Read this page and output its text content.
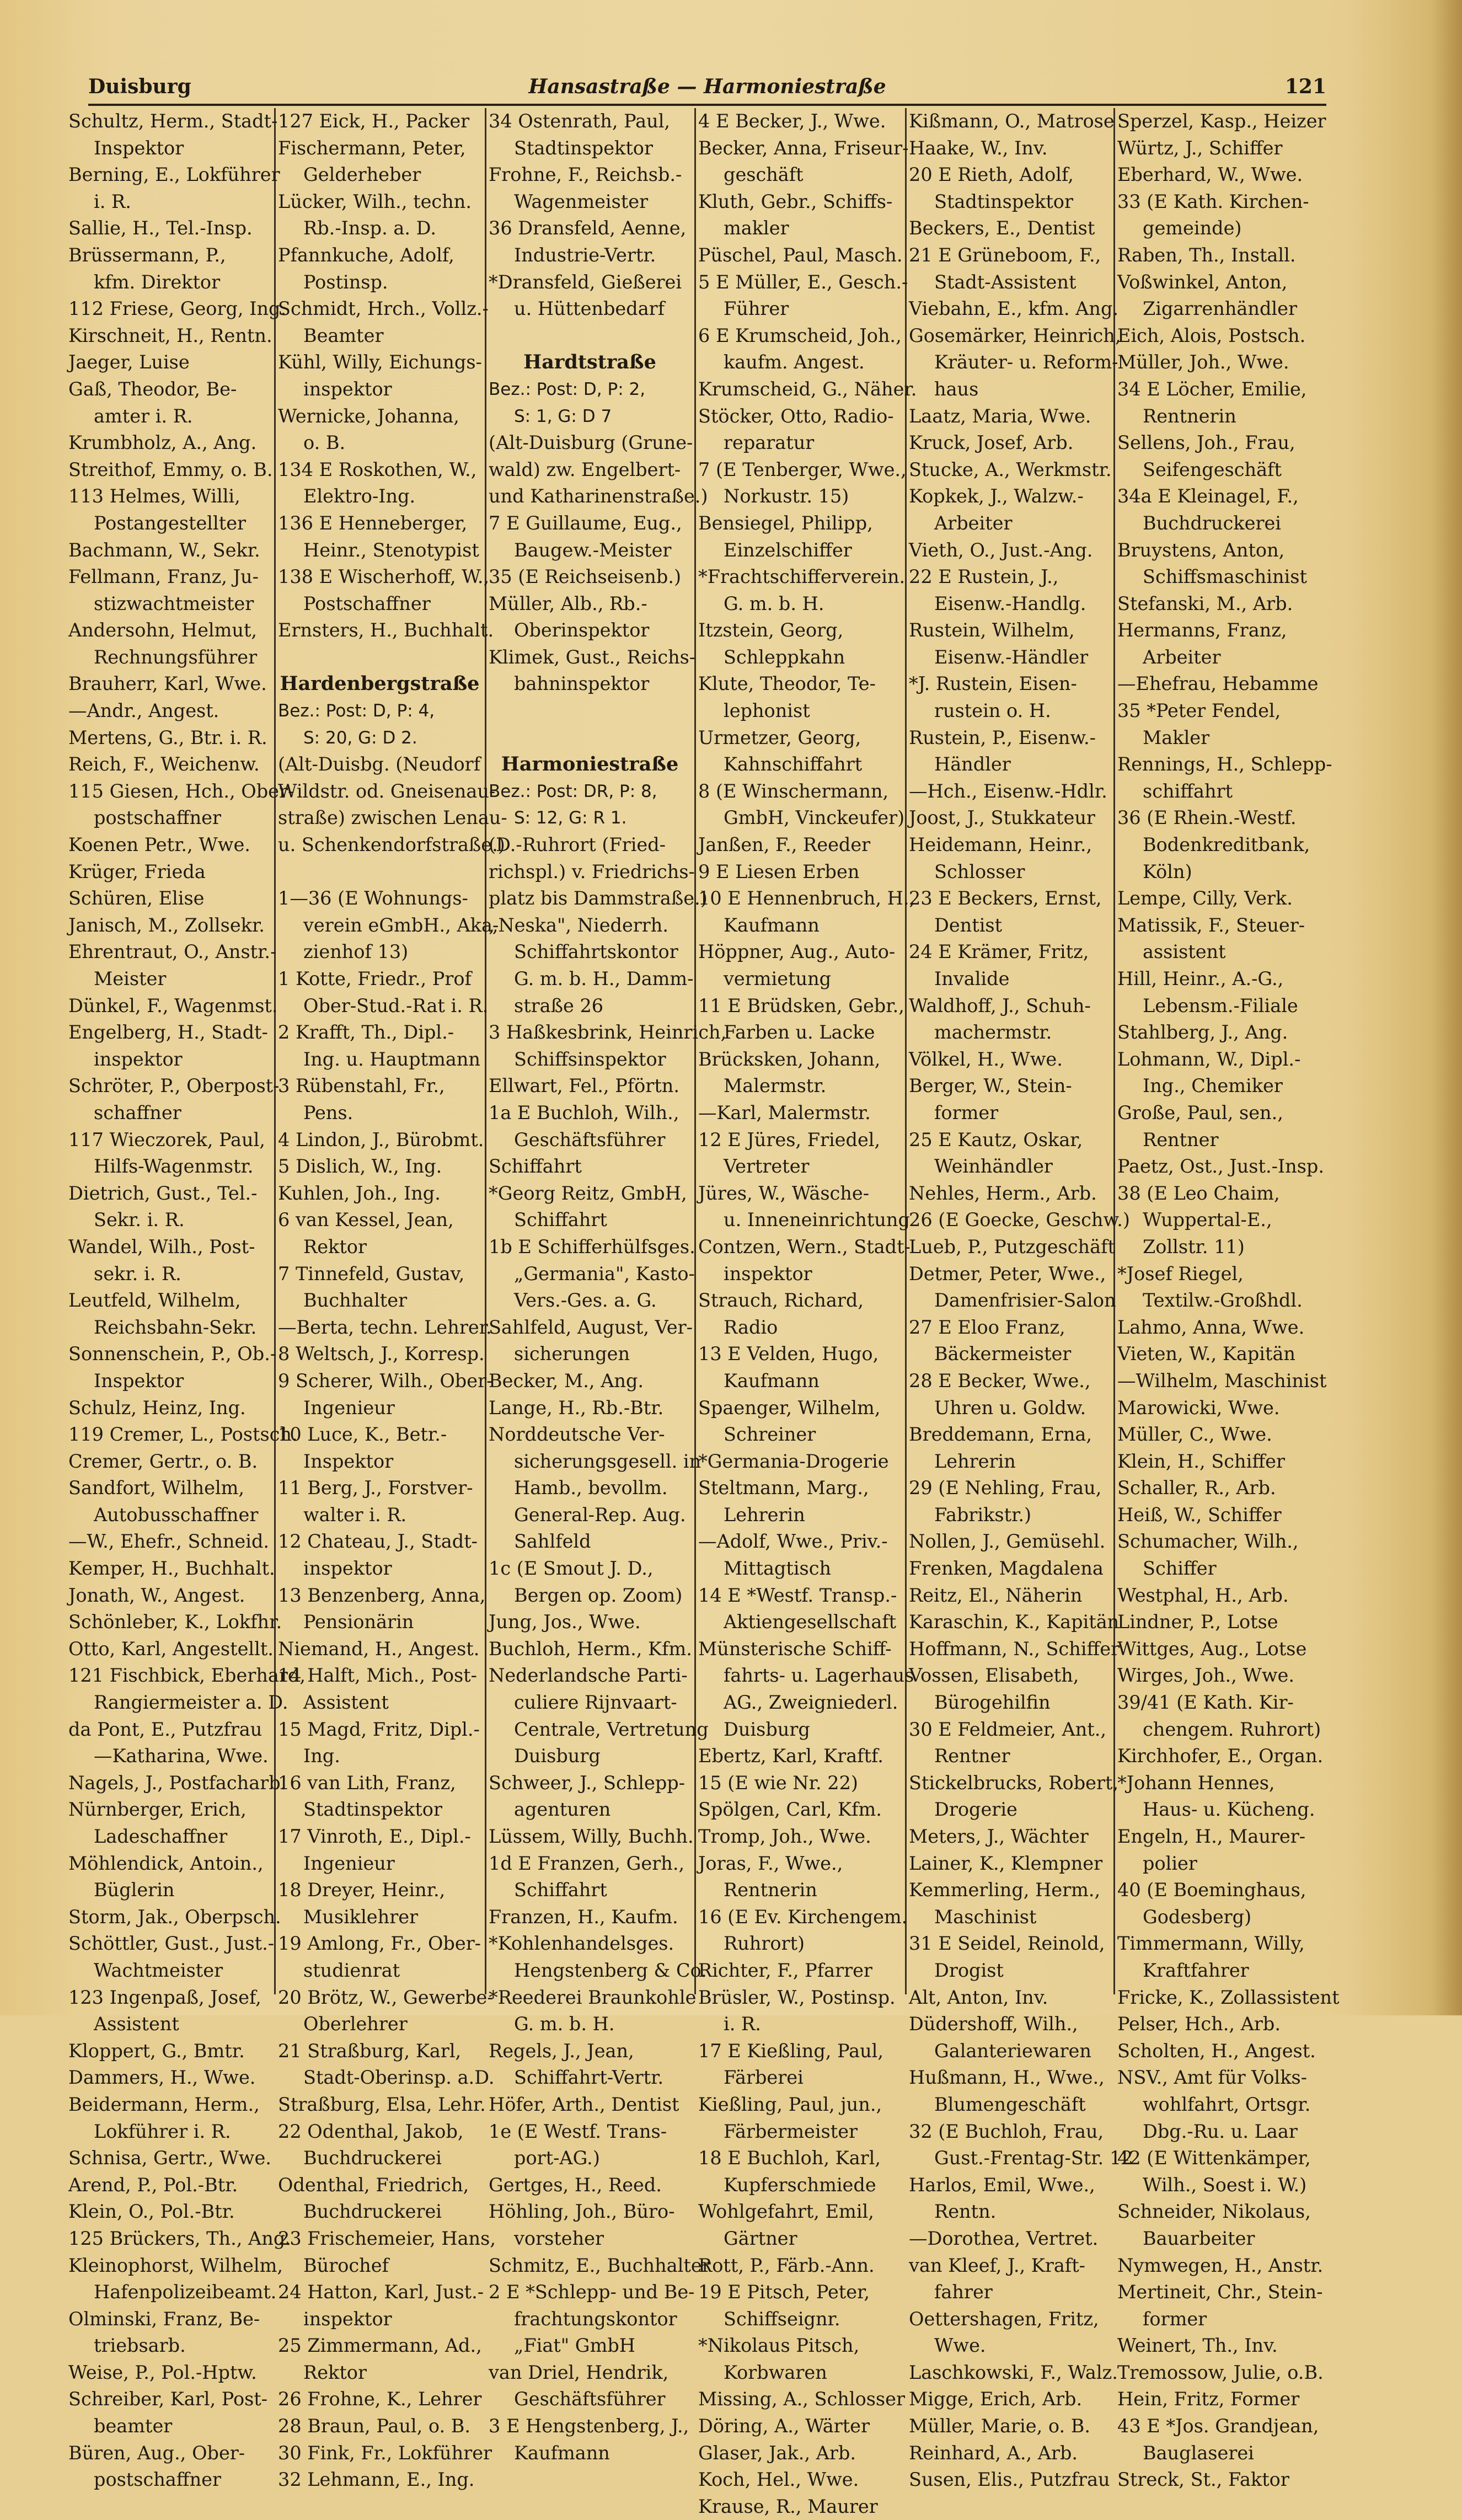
Duisburg	Hansastraße — Harmoniestraße	121
Schultz, Herm., Stadt-
Inspektor
Berning, E., Lokführer
i. R.
Sallie, H., Tel.-Insp.
Brüssermann, P.,
kfm. Direktor
112 Friese, Georg, Ing.
Kirschneit, H., Rentn.
Jaeger, Luise
Gaß, Theodor, Be-
amter i. R.
Krumbholz, A., Ang.
Streithof, Emmy, o. B.
113 Helmes, Willi,
Postangestellter
Bachmann, W., Sekr.
Fellmann, Franz, Ju-
stizwachtmeister
Andersohn, Helmut,
Rechnungsführer
Brauherr, Karl, Wwe.
—Andr., Angest.
Mertens, G., Btr. i. R.
Reich, F., Weichenw.
115 Giesen, Hch., Ober-
postschaffner
Koenen Petr., Wwe.
Krüger, Frieda
Schüren, Elise
Janisch, M., Zollsekr.
Ehrentraut, O., Anstr.-
Meister
Dünkel, F., Wagenmst.
Engelberg, H., Stadt-
inspektor
Schröter, P., Oberpost-
schaffner
117 Wieczorek, Paul,
Hilfs-Wagenmstr.
Dietrich, Gust., Tel.-
Sekr. i. R.
Wandel, Wilh., Post-
sekr. i. R.
Leutfeld, Wilhelm,
Reichsbahn-Sekr.
Sonnenschein, P., Ob.-
Inspektor
Schulz, Heinz, Ing.
119 Cremer, L., Postsch.
Cremer, Gertr., o. B.
Sandfort, Wilhelm,
Autobusschaffner
—W., Ehefr., Schneid.
Kemper, H., Buchhalt.
Jonath, W., Angest.
Schönleber, K., Lokfhr.
Otto, Karl, Angestellt.
121 Fischbick, Eberhard,
Rangiermeister a. D.
da Pont, E., Putzfrau
—Katharina, Wwe.
Nagels, J., Postfacharb.
Nürnberger, Erich,
Ladeschaffner
Möhlendick, Antoin.,
Büglerin
Storm, Jak., Oberpsch.
Schöttler, Gust., Just.-
Wachtmeister
123 Ingenpaß, Josef,
Assistent
Kloppert, G., Bmtr.
Dammers, H., Wwe.
Beidermann, Herm.,
Lokführer i. R.
Schnisa, Gertr., Wwe.
Arend, P., Pol.-Btr.
Klein, O., Pol.-Btr.
125 Brückers, Th., Ang.
Kleinophorst, Wilhelm,
Hafenpolizeibeamt.
Olminski, Franz, Be-
triebsarb.
Weise, P., Pol.-Hptw.
Schreiber, Karl, Post-
beamter
Büren, Aug., Ober-
postschaffner
127 Eick, H., Packer
Fischermann, Peter,
Gelderheber
Lücker, Wilh., techn.
Rb.-Insp. a. D.
Pfannkuche, Adolf,
Postinsp.
Schmidt, Hrch., Vollz.-
Beamter
Kühl, Willy, Eichungs-
inspektor
Wernicke, Johanna,
o. B.
134 E Roskothen, W.,
Elektro-Ing.
136 E Henneberger,
Heinr., Stenotypist
138 E Wischerhoff, W.,
Postschaffner
Ernsters, H., Buchhalt.
Hardenbergstraße
Bez.: Post: D, P: 4,
S: 20, G: D 2.
(Alt-Duisbg. (Neudorf
Wildstr. od. Gneisenau-
straße) zwischen Lenau-
u. Schenkendorfstraße.)
1—36 (E Wohnungs-
verein eGmbH., Aka-
zienhof 13)
1 Kotte, Friedr., Prof
Ober-Stud.-Rat i. R.
2 Krafft, Th., Dipl.-
Ing. u. Hauptmann
3 Rübenstahl, Fr.,
Pens.
4 Lindon, J., Bürobmt.
5 Dislich, W., Ing.
Kuhlen, Joh., Ing.
6 van Kessel, Jean,
Rektor
7 Tinnefeld, Gustav,
Buchhalter
—Berta, techn. Lehrer.
8 Weltsch, J., Korresp.
9 Scherer, Wilh., Ober-
Ingenieur
10 Luce, K., Betr.-
Inspektor
11 Berg, J., Forstver-
walter i. R.
12 Chateau, J., Stadt-
inspektor
13 Benzenberg, Anna,
Pensionärin
Niemand, H., Angest.
14 Halft, Mich., Post-
Assistent
15 Magd, Fritz, Dipl.-
Ing.
16 van Lith, Franz,
Stadtinspektor
17 Vinroth, E., Dipl.-
Ingenieur
18 Dreyer, Heinr.,
Musiklehrer
19 Amlong, Fr., Ober-
studienrat
20 Brötz, W., Gewerbe-
Oberlehrer
21 Straßburg, Karl,
Stadt-Oberinsp. a.D.
Straßburg, Elsa, Lehr.
22 Odenthal, Jakob,
Buchdruckerei
Odenthal, Friedrich,
Buchdruckerei
23 Frischemeier, Hans,
Bürochef
24 Hatton, Karl, Just.-
inspektor
25 Zimmermann, Ad.,
Rektor
26 Frohne, K., Lehrer
28 Braun, Paul, o. B.
30 Fink, Fr., Lokführer
32 Lehmann, E., Ing.
34 Ostenrath, Paul,
Stadtinspektor
Frohne, F., Reichsb.-
Wagenmeister
36 Dransfeld, Aenne,
Industrie-Vertr.
*Dransfeld, Gießerei
u. Hüttenbedarf
Hardtstraße
Bez.: Post: D, P: 2,
S: 1, G: D 7
(Alt-Duisburg (Grune-
wald) zw. Engelbert-
und Katharinenstraße.)
7 E Guillaume, Eug.,
Baugew.-Meister
35 (E Reichseisenb.)
Müller, Alb., Rb.-
Oberinspektor
Klimek, Gust., Reichs-
bahninspektor
Harmoniestraße
Bez.: Post: DR, P: 8,
S: 12, G: R 1.
(D.-Ruhrort (Fried-
richspl.) v. Friedrichs-
platz bis Dammstraße.)
„Neska", Niederrh.
Schiffahrtskontor
G. m. b. H., Damm-
straße 26
3 Haßkesbrink, Heinrich,
Schiffsinspektor
Ellwart, Fel., Pförtn.
1a E Buchloh, Wilh.,
Geschäftsführer
Schiffahrt
*Georg Reitz, GmbH,
Schiffahrt
1b E Schifferhülfsges.
„Germania", Kasto-
Vers.-Ges. a. G.
Sahlfeld, August, Ver-
sicherungen
Becker, M., Ang.
Lange, H., Rb.-Btr.
Norddeutsche Ver-
sicherungsgesell. in
Hamb., bevollm.
General-Rep. Aug.
Sahlfeld
1c (E Smout J. D.,
Bergen op. Zoom)
Jung, Jos., Wwe.
Buchloh, Herm., Kfm.
Nederlandsche Parti-
culiere Rijnvaart-
Centrale, Vertretung
Duisburg
Schweer, J., Schlepp-
agenturen
Lüssem, Willy, Buchh.
1d E Franzen, Gerh.,
Schiffahrt
Franzen, H., Kaufm.
*Kohlenhandelsges.
Hengstenberg & Co.
*Reederei Braunkohle
G. m. b. H.
Regels, J., Jean,
Schiffahrt-Vertr.
Höfer, Arth., Dentist
1e (E Westf. Trans-
port-AG.)
Gertges, H., Reed.
Höhling, Joh., Büro-
vorsteher
Schmitz, E., Buchhalter
2 E *Schlepp- und Be-
frachtungskontor
„Fiat" GmbH
van Driel, Hendrik,
Geschäftsführer
3 E Hengstenberg, J.,
Kaufmann
4 E Becker, J., Wwe.
Becker, Anna, Friseur-
geschäft
Kluth, Gebr., Schiffs-
makler
Püschel, Paul, Masch.
5 E Müller, E., Gesch.-
Führer
6 E Krumscheid, Joh.,
kaufm. Angest.
Krumscheid, G., Näher.
Stöcker, Otto, Radio-
reparatur
7 (E Tenberger, Wwe.,
Norkustr. 15)
Bensiegel, Philipp,
Einzelschiffer
*Frachtschifferverein.
G. m. b. H.
Itzstein, Georg,
Schleppkahn
Klute, Theodor, Te-
lephonist
Urmetzer, Georg,
Kahnschiffahrt
8 (E Winschermann,
GmbH, Vinckeufer)
Janßen, F., Reeder
9 E Liesen Erben
10 E Hennenbruch, H.,
Kaufmann
Höppner, Aug., Auto-
vermietung
11 E Brüdsken, Gebr.,
Farben u. Lacke
Brücksken, Johann,
Malermstr.
—Karl, Malermstr.
12 E Jüres, Friedel,
Vertreter
Jüres, W., Wäsche-
u. Inneneinrichtung
Contzen, Wern., Stadt-
inspektor
Strauch, Richard,
Radio
13 E Velden, Hugo,
Kaufmann
Spaenger, Wilhelm,
Schreiner
*Germania-Drogerie
Steltmann, Marg.,
Lehrerin
—Adolf, Wwe., Priv.-
Mittagtisch
14 E *Westf. Transp.-
Aktiengesellschaft
Münsterische Schiff-
fahrts- u. Lagerhaus
AG., Zweigniederl.
Duisburg
Ebertz, Karl, Kraftf.
15 (E wie Nr. 22)
Spölgen, Carl, Kfm.
Tromp, Joh., Wwe.
Joras, F., Wwe.,
Rentnerin
16 (E Ev. Kirchengem.
Ruhrort)
Richter, F., Pfarrer
Brüsler, W., Postinsp.
i. R.
17 E Kießling, Paul,
Färberei
Kießling, Paul, jun.,
Färbermeister
18 E Buchloh, Karl,
Kupferschmiede
Wohlgefahrt, Emil,
Gärtner
Rott, P., Färb.-Ann.
19 E Pitsch, Peter,
Schiffseignr.
*Nikolaus Pitsch,
Korbwaren
Missing, A., Schlosser
Döring, A., Wärter
Glaser, Jak., Arb.
Koch, Hel., Wwe.
Krause, R., Maurer
Kißmann, O., Matrose
Haake, W., Inv.
20 E Rieth, Adolf,
Stadtinspektor
Beckers, E., Dentist
21 E Grüneboom, F.,
Stadt-Assistent
Viebahn, E., kfm. Ang.
Gosemärker, Heinrich,
Kräuter- u. Reform-
haus
Laatz, Maria, Wwe.
Kruck, Josef, Arb.
Stucke, A., Werkmstr.
Kopkek, J., Walzw.-
Arbeiter
Vieth, O., Just.-Ang.
22 E Rustein, J.,
Eisenw.-Handlg.
Rustein, Wilhelm,
Eisenw.-Händler
*J. Rustein, Eisen-
rustein o. H.
Rustein, P., Eisenw.-
Händler
—Hch., Eisenw.-Hdlr.
Joost, J., Stukkateur
Heidemann, Heinr.,
Schlosser
23 E Beckers, Ernst,
Dentist
24 E Krämer, Fritz,
Invalide
Waldhoff, J., Schuh-
machermstr.
Völkel, H., Wwe.
Berger, W., Stein-
former
25 E Kautz, Oskar,
Weinhändler
Nehles, Herm., Arb.
26 (E Goecke, Geschw.)
Lueb, P., Putzgeschäft
Detmer, Peter, Wwe.,
Damenfrisier-Salon
27 E Eloo Franz,
Bäckermeister
28 E Becker, Wwe.,
Uhren u. Goldw.
Breddemann, Erna,
Lehrerin
29 (E Nehling, Frau,
Fabrikstr.)
Nollen, J., Gemüsehl.
Frenken, Magdalena
Reitz, El., Näherin
Karaschin, K., Kapitän
Hoffmann, N., Schiffer
Vossen, Elisabeth,
Bürogehilfin
30 E Feldmeier, Ant.,
Rentner
Stickelbrucks, Robert,
Drogerie
Meters, J., Wächter
Lainer, K., Klempner
Kemmerling, Herm.,
Maschinist
31 E Seidel, Reinold,
Drogist
Alt, Anton, Inv.
Düdershoff, Wilh.,
Galanteriewaren
Hußmann, H., Wwe.,
Blumengeschäft
32 (E Buchloh, Frau,
Gust.-Frentag-Str. 12
Harlos, Emil, Wwe.,
Rentn.
—Dorothea, Vertret.
van Kleef, J., Kraft-
fahrer
Oettershagen, Fritz,
Wwe.
Laschkowski, F., Walz.
Migge, Erich, Arb.
Müller, Marie, o. B.
Reinhard, A., Arb.
Susen, Elis., Putzfrau
Sperzel, Kasp., Heizer
Würtz, J., Schiffer
Eberhard, W., Wwe.
33 (E Kath. Kirchen-
gemeinde)
Raben, Th., Install.
Voßwinkel, Anton,
Zigarrenhändler
Eich, Alois, Postsch.
Müller, Joh., Wwe.
34 E Löcher, Emilie,
Rentnerin
Sellens, Joh., Frau,
Seifengeschäft
34a E Kleinagel, F.,
Buchdruckerei
Bruystens, Anton,
Schiffsmaschinist
Stefanski, M., Arb.
Hermanns, Franz,
Arbeiter
—Ehefrau, Hebamme
35 *Peter Fendel,
Makler
Rennings, H., Schlepp-
schiffahrt
36 (E Rhein.-Westf.
Bodenkreditbank,
Köln)
Lempe, Cilly, Verk.
Matissik, F., Steuer-
assistent
Hill, Heinr., A.-G.,
Lebensm.-Filiale
Stahlberg, J., Ang.
Lohmann, W., Dipl.-
Ing., Chemiker
Große, Paul, sen.,
Rentner
Paetz, Ost., Just.-Insp.
38 (E Leo Chaim,
Wuppertal-E.,
Zollstr. 11)
*Josef Riegel,
Textilw.-Großhdl.
Lahmo, Anna, Wwe.
Vieten, W., Kapitän
—Wilhelm, Maschinist
Marowicki, Wwe.
Müller, C., Wwe.
Klein, H., Schiffer
Schaller, R., Arb.
Heiß, W., Schiffer
Schumacher, Wilh.,
Schiffer
Westphal, H., Arb.
Lindner, P., Lotse
Wittges, Aug., Lotse
Wirges, Joh., Wwe.
39/41 (E Kath. Kir-
chengem. Ruhrort)
Kirchhofer, E., Organ.
*Johann Hennes,
Haus- u. Kücheng.
Engeln, H., Maurer-
polier
40 (E Boeminghaus,
Godesberg)
Timmermann, Willy,
Kraftfahrer
Fricke, K., Zollassistent
Pelser, Hch., Arb.
Scholten, H., Angest.
NSV., Amt für Volks-
wohlfahrt, Ortsgr.
Dbg.-Ru. u. Laar
42 (E Wittenkämper,
Wilh., Soest i. W.)
Schneider, Nikolaus,
Bauarbeiter
Nymwegen, H., Anstr.
Mertineit, Chr., Stein-
former
Weinert, Th., Inv.
Tremossow, Julie, o.B.
Hein, Fritz, Former
43 E *Jos. Grandjean,
Bauglaserei
Streck, St., Faktor
